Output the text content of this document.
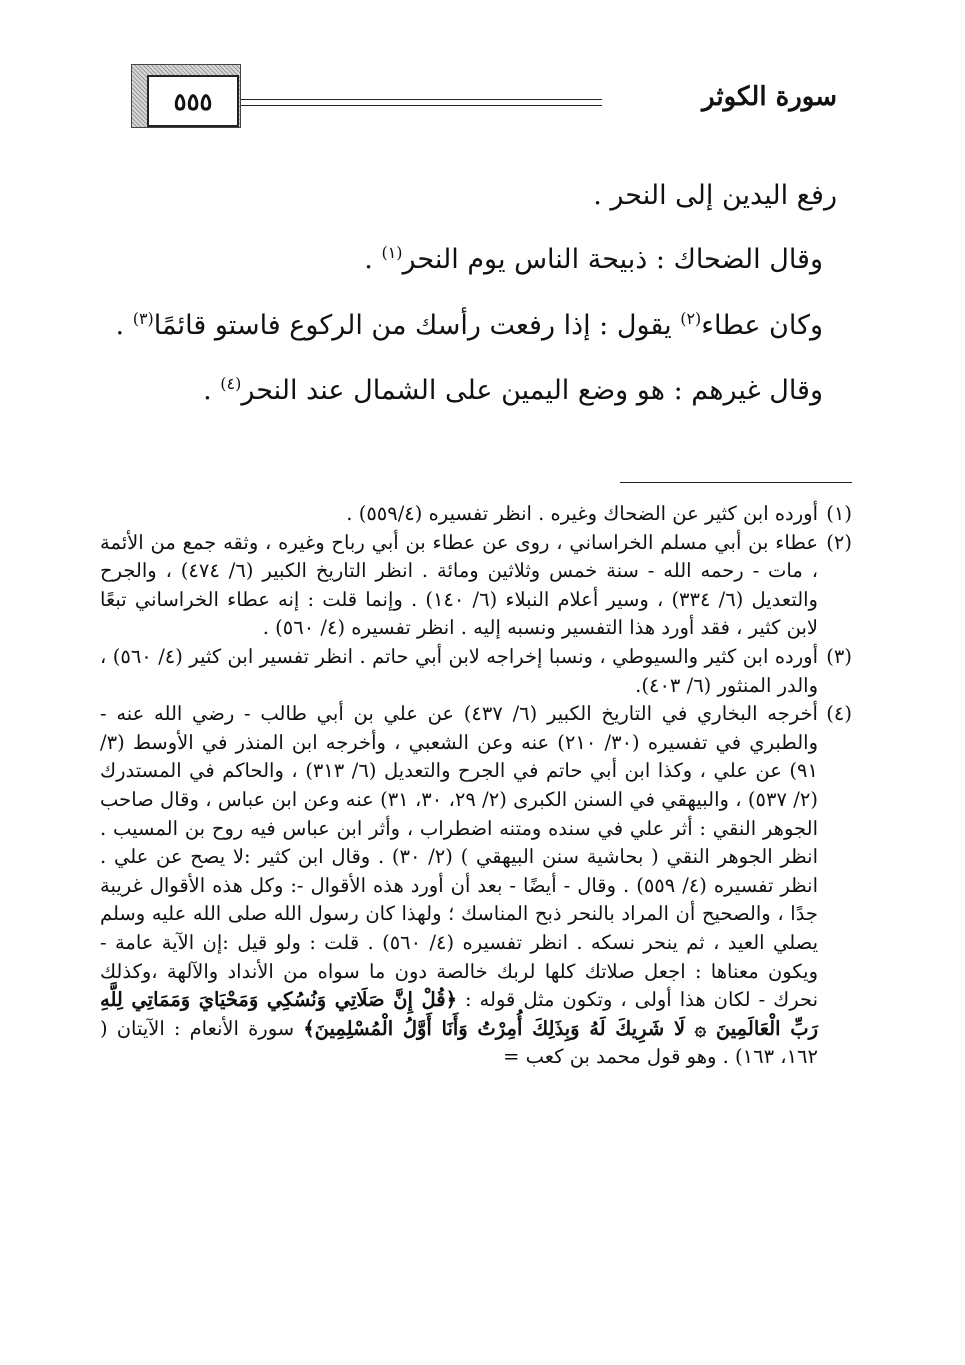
سورة الكوثر
٥٥٥
رفع اليدين إلى النحر .
وقال الضحاك : ذبيحة الناس يوم النحر$^{(١)}$ .
وكان عطاء$^{(٢)}$ يقول : إذا رفعت رأسك من الركوع فاستو قائمًا$^{(٣)}$ .
وقال غيرهم : هو وضع اليمين على الشمال عند النحر$^{(٤)}$ .

(١)أورده ابن كثير عن الضحاك وغيره . انظر تفسيره (٥٥٩/٤) .

(٢)عطاء بن أبي مسلم الخراساني ، روى عن عطاء بن أبي رباح وغيره ، وثقه جمع من الأئمة ، مات - رحمه الله - سنة خمس وثلاثين ومائة . انظر التاريخ الكبير (٦/ ٤٧٤) ، والجرح والتعديل (٦/ ٣٣٤) ، وسير أعلام النبلاء (٦/ ١٤٠) . وإنما قلت : إنه عطاء الخراساني تبعًا لابن كثير ، فقد أورد هذا التفسير ونسبه إليه . انظر تفسيره (٤/ ٥٦٠) .

(٣)أورده ابن كثير والسيوطي ، ونسبا إخراجه لابن أبي حاتم . انظر تفسير ابن كثير (٤/ ٥٦٠) ، والدر المنثور (٦/ ٤٠٣).

(٤)أخرجه البخاري في التاريخ الكبير (٦/ ٤٣٧) عن علي بن أبي طالب - رضي الله عنه - والطبري في تفسيره (٣٠/ ٢١٠) عنه وعن الشعبي ، وأخرجه ابن المنذر في الأوسط (٣/ ٩١) عن علي ، وكذا ابن أبي حاتم في الجرح والتعديل (٦/ ٣١٣) ، والحاكم في المستدرك (٢/ ٥٣٧) ، والبيهقي في السنن الكبرى (٢/ ٢٩، ٣٠، ٣١) عنه وعن ابن عباس ، وقال صاحب الجوهر النقي : أثر علي في سنده ومتنه اضطراب ، وأثر ابن عباس فيه روح بن المسيب . انظر الجوهر النقي ( بحاشية سنن البيهقي ) (٢/ ٣٠) . وقال ابن كثير :لا يصح عن علي . انظر تفسيره (٤/ ٥٥٩) . وقال - أيضًا - بعد أن أورد هذه الأقوال -: وكل هذه الأقوال غريبة جدًا ، والصحيح أن المراد بالنحر ذبح المناسك ؛ ولهذا كان رسول الله صلى الله عليه وسلم يصلي العيد ، ثم ينحر نسكه . انظر تفسيره (٤/ ٥٦٠) . قلت : ولو قيل :إن الآية عامة - ويكون معناها : اجعل صلاتك كلها لربك خالصة دون ما سواه من الأنداد والآلهة ،وكذلك نحرك - لكان هذا أولى ، وتكون مثل قوله : ﴿قُلْ إِنَّ صَلَاتِي وَنُسُكِي وَمَحْيَايَ وَمَمَاتِي لِلَّهِ رَبِّ الْعَالَمِينَ ۞ لَا شَرِيكَ لَهُ وَبِذَلِكَ أُمِرْتُ وَأَنَا أَوَّلُ الْمُسْلِمِينَ﴾ سورة الأنعام : الآيتان ( ١٦٢، ١٦٣) . وهو قول محمد بن كعب =
